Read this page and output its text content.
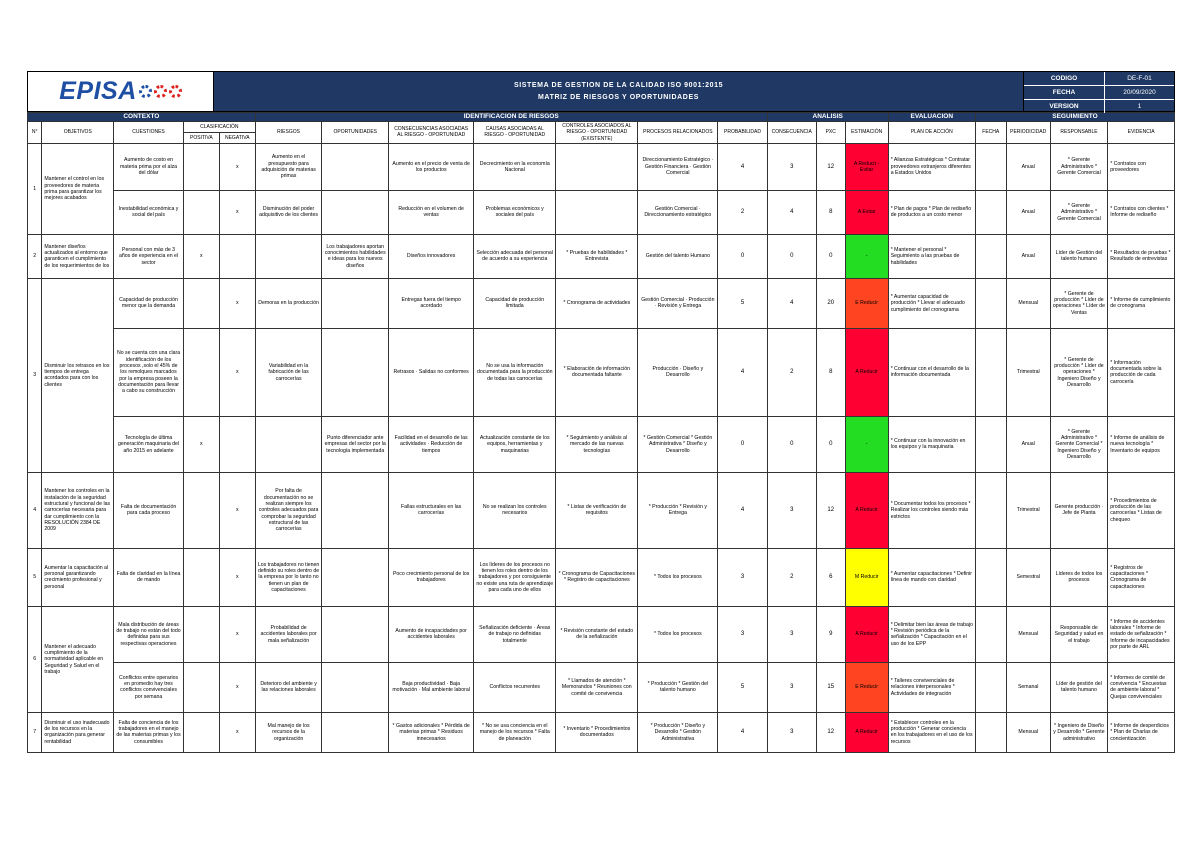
EPISA	SISTEMA DE GESTION DE LA CALIDAD ISO 9001:2015
MATRIZ DE RIESGOS Y OPORTUNIDADES
CODIGO	DE-F-01
FECHA	20/09/2020
VERSION	1
CONTEXTO					IDENTIFICACION DE RIESGOS							ANALISIS			EVALUACION	SEGUIMIENTO			
N°	OBJETIVOS	CUESTIONES	CLASIFICACIÓN		RIESGOS	OPORTUNIDADES	CONSECUENCIAS ASOCIADAS AL RIESGO - OPORTUNIDAD	CAUSAS ASOCIADAS AL RIESGO - OPORTUNIDAD	CONTROLES ASOCIADOS AL RIESGO - OPORTUNIDAD (EXISTENTE)	PROCESOS RELACIONADOS	PROBABILIDAD	CONSECUENCIA	PXC	ESTIMACIÓN	PLAN DE ACCIÓN	FECHA	PERIODICIDAD	RESPONSABLE	EVIDENCIA
			POSITIVA	NEGATIVA															
1	Mantener el control en los proveedores de materia prima para garantizar los mejores acabados	Aumento de costo en materia prima por el alza del dólar		x	Aumento en el presupuesto para adquisición de materias primas		Aumento en el precio de venta de los productos	Decrecimiento en la economía Nacional		Direccionamiento Estratégico · Gestión Financiera · Gestión Comercial	4	3	12	A Reducir - Evitar	* Alianzas Estratégicas * Contratar proveedores extranjeros diferentes a Estados Unidos		Anual	* Gerente Administrativo * Gerente Comercial	* Contratos con proveedores
		Inestabilidad económica y social del país		x	Disminución del poder adquisitivo de los clientes		Reducción en el volumen de ventas	Problemas económicos y sociales del país		Gestión Comercial · Direccionamiento estratégico	2	4	8	A Evitar	* Plan de pagos * Plan de rediseño de productos a un costo menor		Anual	* Gerente Administrativo * Gerente Comercial	* Contratos con clientes * Informe de rediseño
2	Mantener diseños actualizados al entorno que garanticen el cumplimiento de los requerimientos de los	Personal con más de 3 años de experiencia en el sector	x			Los trabajadores aportan conocimientos habilidades e ideas para los nuevos diseños	Diseños innovadores	Selección adecuada del personal de acuerdo a su experiencia	* Pruebas de habilidades * Entrevista	Gestión del talento Humano	0	0	0	-	* Mantener el personal * Seguimiento a las pruebas de habilidades		Anual	Líder de Gestión del talento humano	* Resultados de pruebas * Resultado de entrevistas
3	Disminuir los retrasos en los tiempos de entrega acordados para con los clientes	Capacidad de producción menor que la demanda		x	Demoras en la producción		Entregas fuera del tiempo acordado	Capacidad de producción limitada	* Cronograma de actividades	Gestión Comercial · Producción · Revisión y Entrega	5	4	20	E Reducir	* Aumentar capacidad de producción * Llevar el adecuado cumplimiento del cronograma		Mensual	* Gerente de producción * Líder de operaciones * Líder de Ventas	* Informe de cumplimiento de cronograma
		No se cuenta con una clara identificación de los procesos ,solo el 45% de los remolques marcados por la empresa poseen la documentación para llevar a cabo su construcción		x	Variabilidad en la fabricación de las carrocerías		Retrasos · Salidas no conformes	No se usa la información documentada para la producción de todas las carrocerías	* Elaboración de información documentada faltante	Producción · Diseño y Desarrollo	4	2	8	A Reducir	* Continuar con el desarrollo de la información documentada		Trimestral	* Gerente de producción * Líder de operaciones * Ingeniero Diseño y Desarrollo	* Información documentada sobre la producción de cada carrocería
		Tecnología de última generación maquinaria del año 2015 en adelante	x			Punto diferenciador ante empresas del sector por la tecnología implementada	Facilidad en el desarrollo de las actividades · Reducción de tiempos	Actualización constante de los equipos, herramientas y maquinarias	* Seguimiento y análisis al mercado de las nuevas tecnologías	* Gestión Comercial * Gestión Administrativa * Diseño y Desarrollo	0	0	0	-	* Continuar con la innovación en los equipos y la maquinaria		Anual	* Gerente Administrativo * Gerente Comercial * Ingeniero Diseño y Desarrollo	* Informe de análisis de nueva tecnología * Inventario de equipos
4	Mantener los controles en la instalación de la seguridad estructural y funcional de las carrocerías necesaria para dar cumplimiento con la RESOLUCIÓN 2384 DE 2009	Falta de documentación para cada proceso		x	Por falta de documentación no se realizan siempre los controles adecuados para comprobar la seguridad estructural de las carrocerías		Fallas estructurales en las carrocerías	No se realizan los controles necesarios	* Listas de verificación de requisitos	* Producción * Revisión y Entrega	4	3	12	A Reducir	* Documentar todos los procesos * Realizar los controles siendo más estrictos		Trimestral	Gerente producción · Jefe de Planta	* Procedimientos de producción de las carrocerías * Listas de chequeo
5	Aumentar la capacitación al personal garantizando crecimiento profesional y personal	Falta de claridad en la línea de mando		x	Los trabajadores no tienen definido su roles dentro de la empresa por lo tanto no tienen un plan de capacitaciones		Poco crecimiento personal de los trabajadores	Los líderes de los procesos no tienen los roles dentro de los trabajadores y por consiguiente no existe una ruta de aprendizaje para cada uno de ellos	* Cronograma de Capacitaciones * Registro de capacitaciones	* Todos los procesos	3	2	6	M Reducir	* Aumentar capacitaciones * Definir línea de mando con claridad		Semestral	Líderes de todos los procesos	* Registros de capacitaciones * Cronograma de capacitaciones
6	Mantener el adecuado cumplimiento de la normatividad aplicable en Seguridad y Salud en el trabajo	Mala distribución de áreas de trabajo no están del todo definidas para sus respectivas operaciones		x	Probabilidad de accidentes laborales por mala señalización		Aumento de incapacidades por accidentes laborales	Señalización deficiente · Áreas de trabajo no definidas totalmente	* Revisión constante del estado de la señalización	* Todos los procesos	3	3	9	A Reducir	* Delimitar bien las áreas de trabajo * Revisión periódica de la señalización * Capacitación en el uso de los EPP		Mensual	Responsable de Seguridad y salud en el trabajo	* Informe de accidentes laborales * Informe de estado de señalización * Informe de incapacidades por parte de ARL
		Conflictos entre operarios en promedio hay tres conflictos convivenciales por semana		x	Deterioro del ambiente y las relaciones laborales		Baja productividad · Baja motivación · Mal ambiente laboral	Conflictos recurrentes	* Llamados de atención * Memorandos * Reuniones con comité de convivencia	* Producción * Gestión del talento humano	5	3	15	E Reducir	* Talleres convivenciales de relaciones interpersonales * Actividades de integración		Semanal	Líder de gestión del talento humano	* Informes de comité de convivencia * Encuestas de ambiente laboral * Quejas convivenciales
7	Disminuir el uso inadecuado de los recursos en la organización para generar rentabilidad	Falta de conciencia de los trabajadores en el manejo de las materias primas y los consumibles		x	Mal manejo de los recursos de la organización		* Gastos adicionales * Pérdida de materias primas * Residuos innecesarios	* No se usa conciencia en el manejo de los recursos * Falta de planeación	* Inventario * Procedimientos documentados	* Producción * Diseño y Desarrollo * Gestión Administrativa	4	3	12	A Reducir	* Establecer controles en la producción * Generar conciencia en los trabajadores en el uso de los recursos		Mensual	* Ingeniero de Diseño y Desarrollo * Gerente administrativo	* Informe de desperdicios * Plan de Charlas de concientización
